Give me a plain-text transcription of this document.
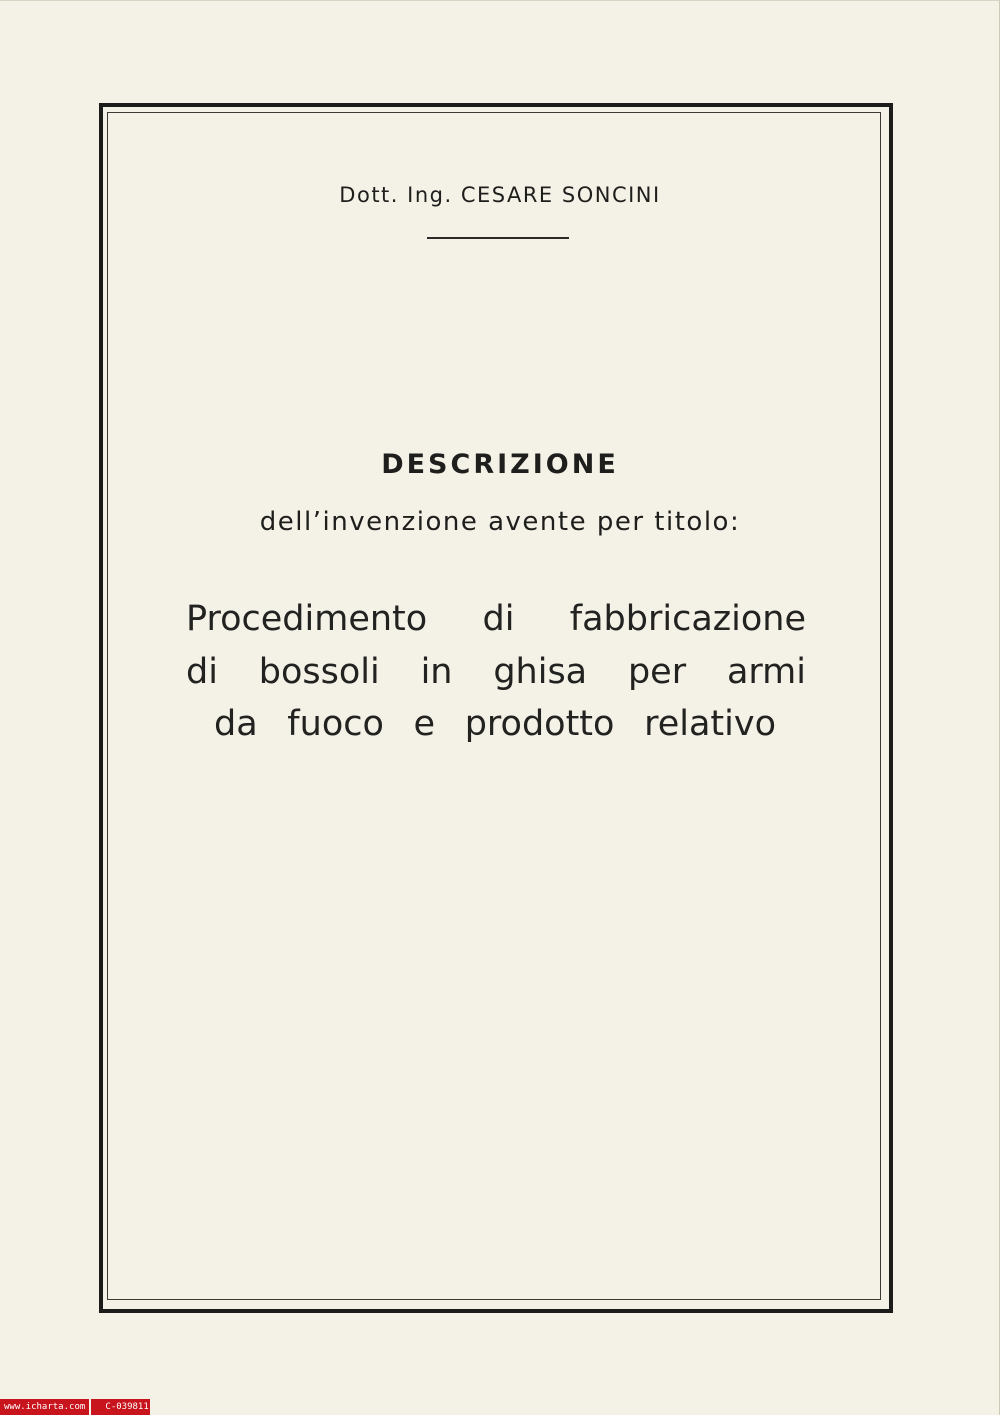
Dott. Ing. CESARE SONCINI
DESCRIZIONE
dell’invenzione avente per titolo:
Procedimento di fabbricazione
di bossoli in ghisa per armi
da fuoco e prodotto relativo
www.icharta.com	C-039811
